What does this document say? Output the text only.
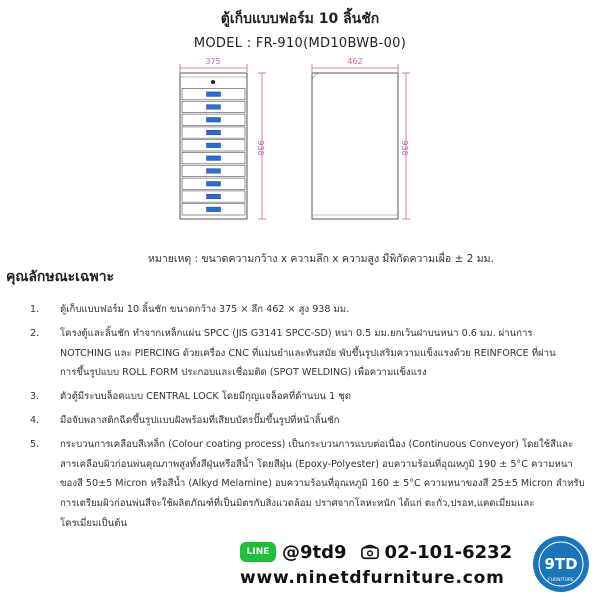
ตู้เก็บแบบฟอร์ม 10 ลิ้นชัก
MODEL : FR-910(MD10BWB-00)
375
938
462
938
หมายเหตุ : ขนาดความกว้าง x ความลึก x ความสูง มีพิกัดความเผื่อ ± 2 มม.
คุณลักษณะเฉพาะ
1. ตู้เก็บแบบฟอร์ม 10 ลิ้นชัก ขนาดกว้าง 375 × ลึก 462 × สูง 938 มม.
2. โครงตู้และลิ้นชัก ทำจากเหล็กแผ่น SPCC (JIS G3141 SPCC-SD) หนา 0.5 มม.ยกเว้นฝาบนหนา 0.6 มม. ผ่านการ
NOTCHING และ PIERCING ด้วยเครื่อง CNC ที่แม่นยำและทันสมัย พับขึ้นรูปเสริมความแข็งแรงด้วย REINFORCE ที่ผ่าน
การขึ้นรูปแบบ ROLL FORM ประกอบและเชื่อมติด (SPOT WELDING) เพื่อความแข็งแรง
3. ตัวตู้มีระบบล็อคแบบ CENTRAL LOCK โดยมีกุญแจล็อคที่ด้านบน 1 ชุด
4. มือจับพลาสติกฉีดขึ้นรูปแบบฝังพร้อมที่เสียบบัตรปั๊มขึ้นรูปที่หน้าลิ้นชัก
5. กระบวนการเคลือบสีเหล็ก (Colour coating process) เป็นกระบวนการแบบต่อเนื่อง (Continuous Conveyor) โดยใช้สีและ
สารเคลือบผิวก่อนพ่นคุณภาพสูงทั้งสีฝุ่นหรือสีน้ำ โดยสีฝุ่น (Epoxy-Polyester) อบความร้อนที่อุณหภูมิ 190 ± 5°C ความหนา
ของสี 50±5 Micron หรือสีน้ำ (Alkyd Melamine) อบความร้อนที่อุณหภูมิ 160 ± 5°C ความหนาของสี 25±5 Micron สำหรับ
การเตรียมผิวก่อนพ่นสีจะใช้ผลิตภัณฑ์ที่เป็นมิตรกับสิ่งแวดล้อม ปราศจากโลหะหนัก ได้แก่ ตะกั่ว,ปรอท,แคดเมี่ยมและ
โครเมี่ยมเป็นต้น
LINE @9td9 02-101-6232
www.ninetdfurniture.com
9TD
FURNITURE
